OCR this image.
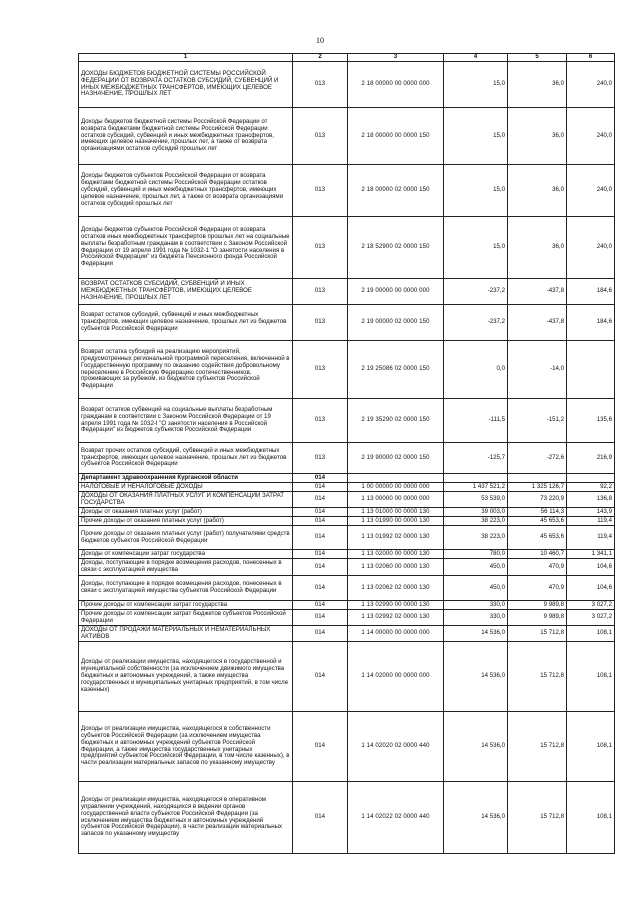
10
1	2	3	4	5	6
ДОХОДЫ БЮДЖЕТОВ БЮДЖЕТНОЙ СИСТЕМЫ РОССИЙСКОЙ ФЕДЕРАЦИИ ОТ ВОЗВРАТА ОСТАТКОВ СУБСИДИЙ, СУБВЕНЦИЙ И ИНЫХ МЕЖБЮДЖЕТНЫХ ТРАНСФЕРТОВ, ИМЕЮЩИХ ЦЕЛЕВОЕ НАЗНАЧЕНИЕ, ПРОШЛЫХ ЛЕТ	013	2 18 00000 00 0000 000	15,0	36,0	240,0
Доходы бюджетов бюджетной системы Российской Федерации от возврата бюджетами бюджетной системы Российской Федерации остатков субсидий, субвенций и иных межбюджетных трансфертов, имеющих целевое назначение, прошлых лет, а также от возврата организациями остатков субсидий прошлых лет	013	2 18 00000 00 0000 150	15,0	36,0	240,0
Доходы бюджетов субъектов Российской Федерации от возврата бюджетами бюджетной системы Российской Федерации остатков субсидий, субвенций и иных межбюджетных трансфертов, имеющих целевое назначение, прошлых лет, а также от возврата организациями остатков субсидий прошлых лет	013	2 18 00000 02 0000 150	15,0	36,0	240,0
Доходы бюджетов субъектов Российской Федерации от возврата остатков иных межбюджетных трансфертов прошлых лет на социальные выплаты безработным гражданам в соответствии с Законом Российской Федерации от 19 апреля 1991 года № 1032-1 "О занятости населения в Российской Федерации" из бюджета Пенсионного фонда Российской Федерации	013	2 18 52900 02 0000 150	15,0	36,0	240,0
ВОЗВРАТ ОСТАТКОВ СУБСИДИЙ, СУБВЕНЦИЙ И ИНЫХ МЕЖБЮДЖЕТНЫХ ТРАНСФЕРТОВ, ИМЕЮЩИХ ЦЕЛЕВОЕ НАЗНАЧЕНИЕ, ПРОШЛЫХ ЛЕТ	013	2 19 00000 00 0000 000	-237,2	-437,8	184,6
Возврат остатков субсидий, субвенций и иных межбюджетных трансфертов, имеющих целевое назначение, прошлых лет из бюджетов субъектов Российской Федерации	013	2 19 00000 02 0000 150	-237,2	-437,8	184,6
Возврат остатка субсидий на реализацию мероприятий, предусмотренных региональной программой переселения, включенной в Государственную программу по оказанию содействия добровольному переселению в Российскую Федерацию соотечественников, проживающих за рубежом, из бюджетов субъектов Российской Федерации	013	2 19 25086 02 0000 150	0,0	-14,0	
Возврат остатков субвенций на социальные выплаты безработным гражданам в соответствии с Законом Российской Федерации от 19 апреля 1991 года № 1032-I "О занятости населения в Российской Федерации" из бюджетов субъектов Российской Федерации	013	2 19 35290 02 0000 150	-111,5	-151,2	135,6
Возврат прочих остатков субсидий, субвенций и иных межбюджетных трансфертов, имеющих целевое назначение, прошлых лет из бюджетов субъектов Российской Федерации	013	2 19 90000 02 0000 150	-125,7	-272,6	216,9
Департамент здравоохранения Курганской области	014				
НАЛОГОВЫЕ И НЕНАЛОГОВЫЕ ДОХОДЫ	014	1 00 00000 00 0000 000	1 437 521,2	1 325 126,7	92,2
ДОХОДЫ ОТ ОКАЗАНИЯ ПЛАТНЫХ УСЛУГ И КОМПЕНСАЦИИ ЗАТРАТ ГОСУДАРСТВА	014	1 13 00000 00 0000 000	53 539,0	73 220,9	136,8
Доходы от оказания платных услуг (работ)	014	1 13 01000 00 0000 130	39 003,0	56 114,3	143,9
Прочие доходы от оказания платных услуг (работ)	014	1 13 01990 00 0000 130	38 223,0	45 653,6	119,4
Прочие доходы от оказания платных услуг (работ) получателями средств бюджетов субъектов Российской Федерации	014	1 13 01992 02 0000 130	38 223,0	45 653,6	119,4
Доходы от компенсации затрат государства	014	1 13 02000 00 0000 130	780,0	10 460,7	1 341,1
Доходы, поступающие в порядке возмещения расходов, понесенных в связи с эксплуатацией имущества	014	1 13 02060 00 0000 130	450,0	470,9	104,6
Доходы, поступающие в порядке возмещения расходов, понесенных в связи с эксплуатацией имущества субъектов Российской Федерации	014	1 13 02062 02 0000 130	450,0	470,9	104,6
Прочие доходы от компенсации затрат государства	014	1 13 02990 00 0000 130	330,0	9 989,8	3 027,2
Прочие доходы от компенсации затрат бюджетов субъектов Российской Федерации	014	1 13 02992 02 0000 130	330,0	9 989,8	3 027,2
ДОХОДЫ ОТ ПРОДАЖИ МАТЕРИАЛЬНЫХ И НЕМАТЕРИАЛЬНЫХ АКТИВОВ	014	1 14 00000 00 0000 000	14 536,0	15 712,8	108,1
Доходы от реализации имущества, находящегося в государственной и муниципальной собственности (за исключением движимого имущества бюджетных и автономных учреждений, а также имущества государственных и муниципальных унитарных предприятий, в том числе казенных)	014	1 14 02000 00 0000 000	14 536,0	15 712,8	108,1
Доходы от реализации имущества, находящегося в собственности субъектов Российской Федерации (за исключением имущества бюджетных и автономных учреждений субъектов Российской Федерации, а также имущества государственных унитарных предприятий субъектов Российской Федерации, в том числе казенных), в части реализации материальных запасов по указанному имуществу	014	1 14 02020 02 0000 440	14 536,0	15 712,8	108,1
Доходы от реализации имущества, находящегося в оперативном управлении учреждений, находящихся в ведении органов государственной власти субъектов Российской Федерации (за исключением имущества бюджетных и автономных учреждений субъектов Российской Федерации), в части реализации материальных запасов по указанному имуществу	014	1 14 02022 02 0000 440	14 536,0	15 712,8	108,1
